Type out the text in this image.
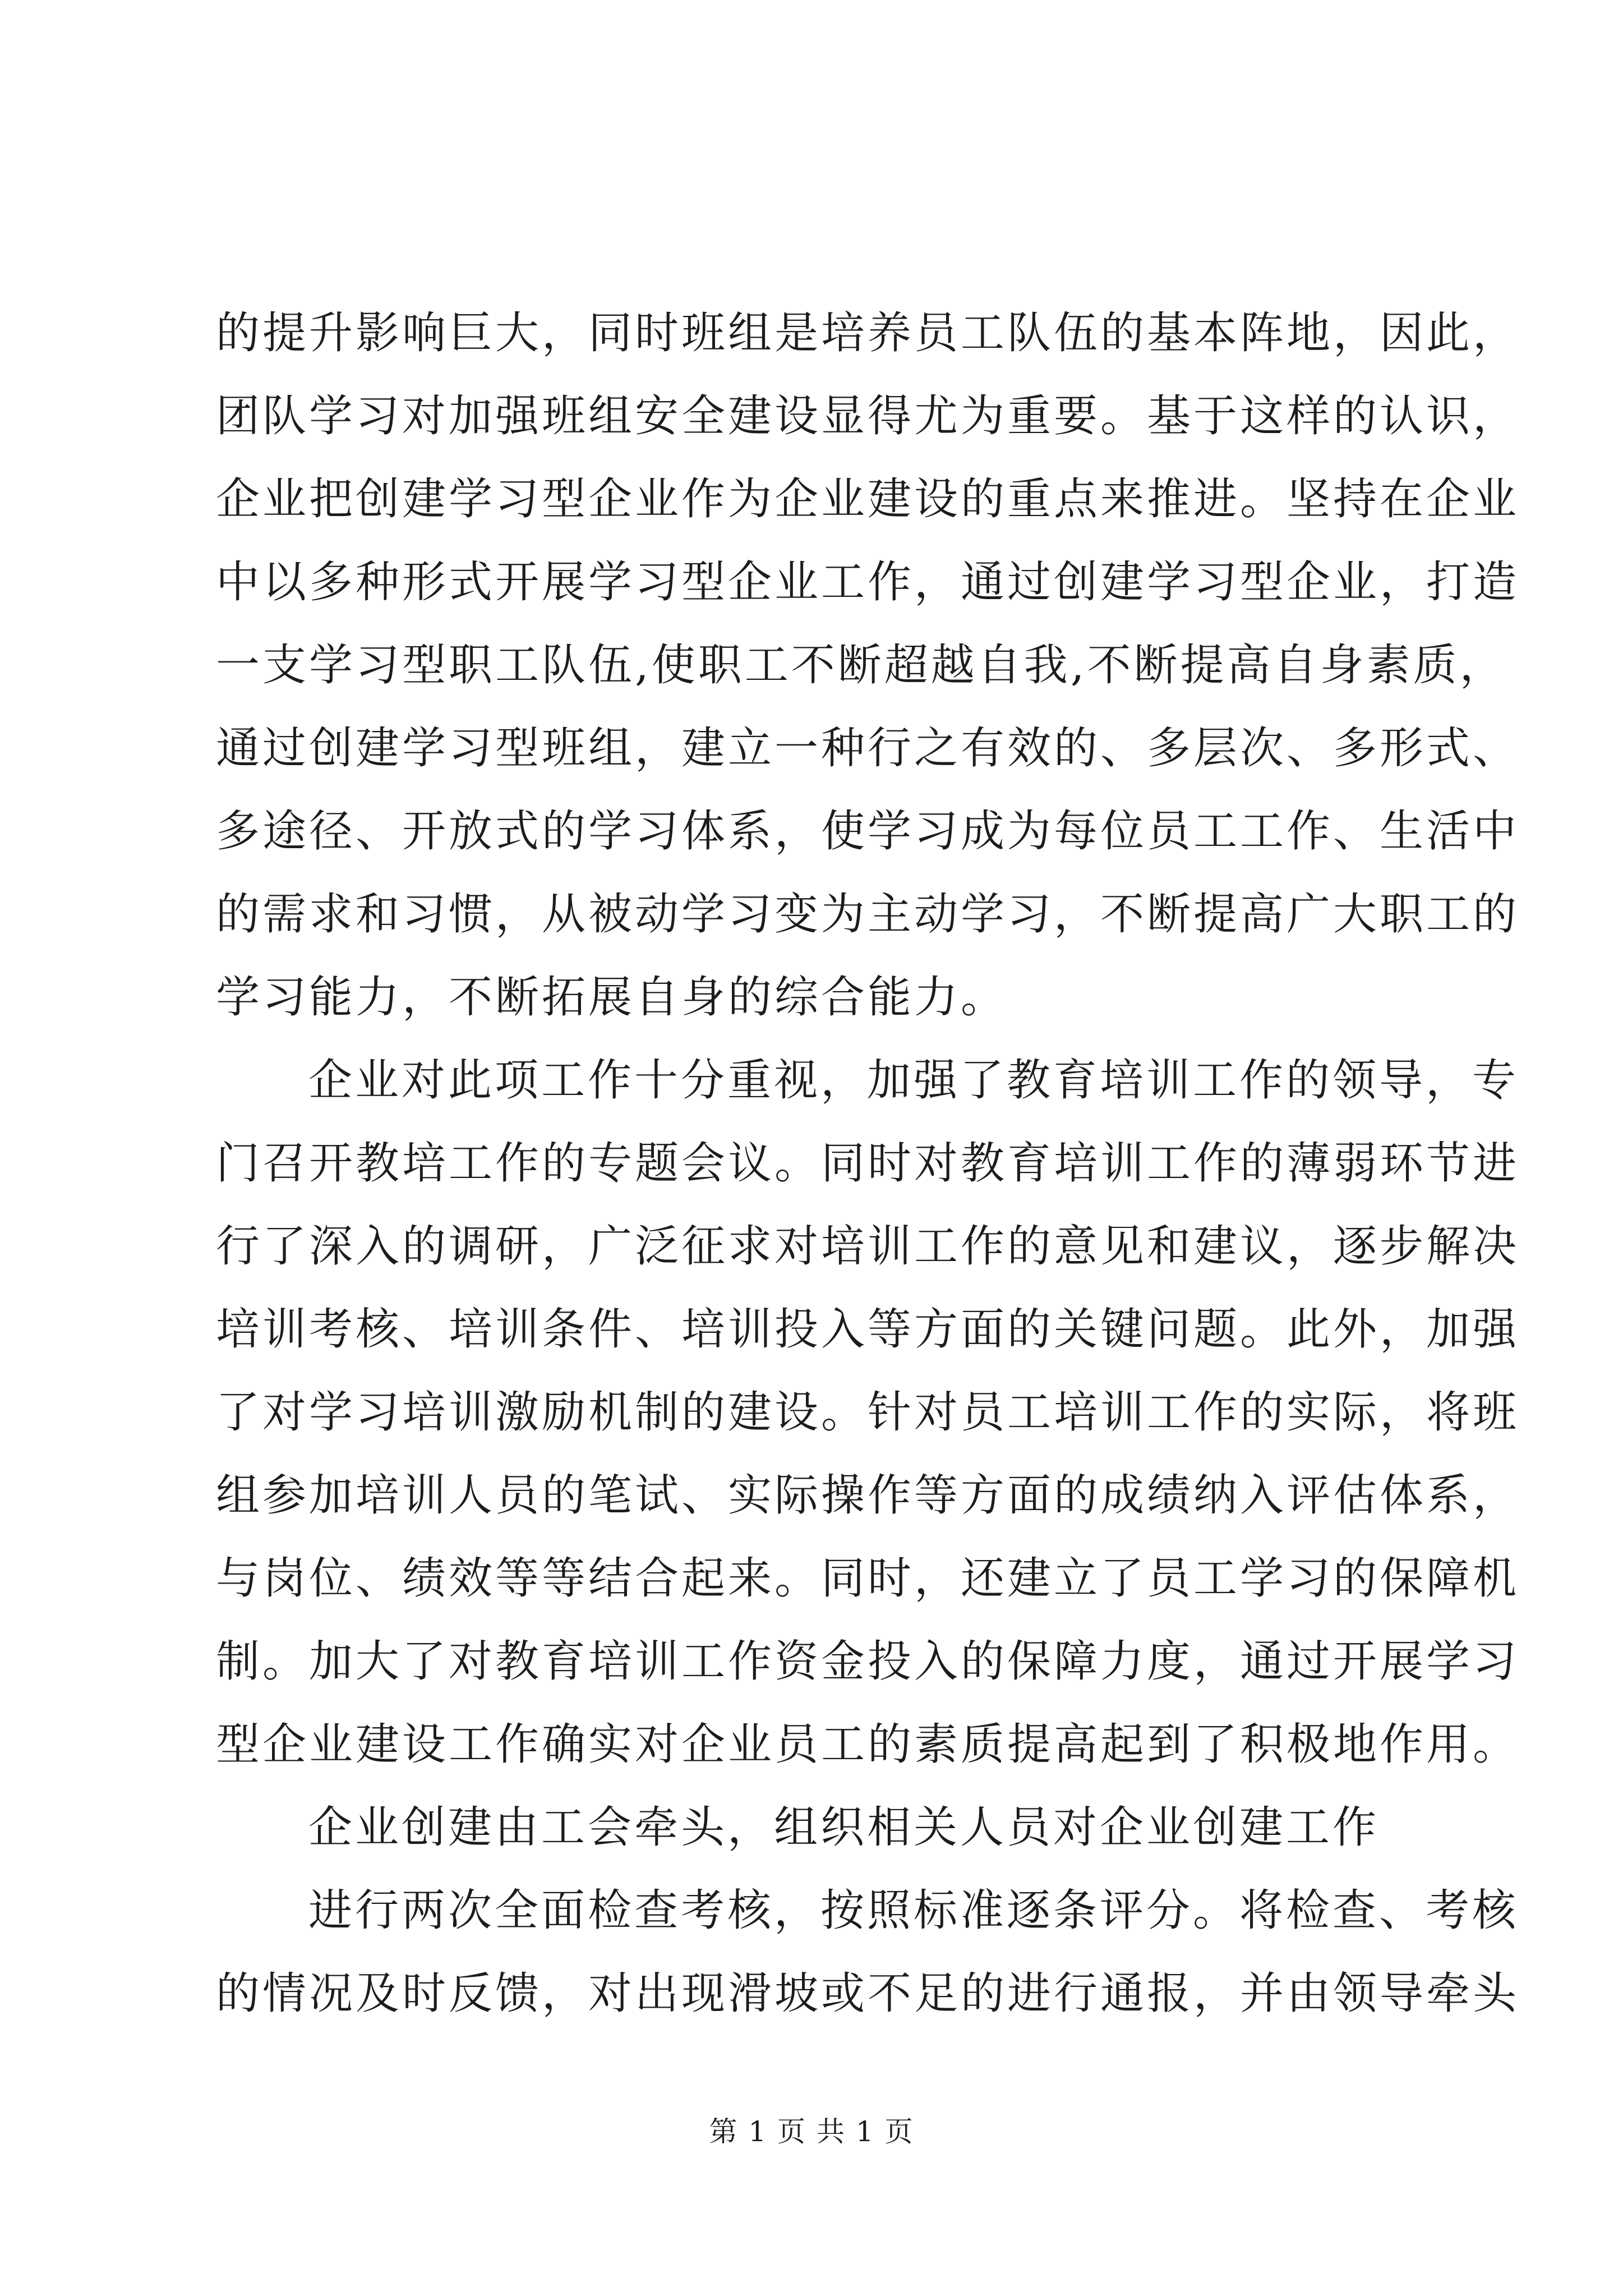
的提升影响巨大，同时班组是培养员工队伍的基本阵地，因此，
团队学习对加强班组安全建设显得尤为重要。基于这样的认识，
企业把创建学习型企业作为企业建设的重点来推进。坚持在企业
中以多种形式开展学习型企业工作，通过创建学习型企业，打造
一支学习型职工队伍,使职工不断超越自我,不断提高自身素质，
通过创建学习型班组，建立一种行之有效的、多层次、多形式、
多途径、开放式的学习体系，使学习成为每位员工工作、生活中
的需求和习惯，从被动学习变为主动学习，不断提高广大职工的
学习能力，不断拓展自身的综合能力。
企业对此项工作十分重视，加强了教育培训工作的领导，专
门召开教培工作的专题会议。同时对教育培训工作的薄弱环节进
行了深入的调研，广泛征求对培训工作的意见和建议，逐步解决
培训考核、培训条件、培训投入等方面的关键问题。此外，加强
了对学习培训激励机制的建设。针对员工培训工作的实际，将班
组参加培训人员的笔试、实际操作等方面的成绩纳入评估体系，
与岗位、绩效等等结合起来。同时，还建立了员工学习的保障机
制。加大了对教育培训工作资金投入的保障力度，通过开展学习
型企业建设工作确实对企业员工的素质提高起到了积极地作用。
企业创建由工会牵头，组织相关人员对企业创建工作
进行两次全面检查考核，按照标准逐条评分。将检查、考核
的情况及时反馈，对出现滑坡或不足的进行通报，并由领导牵头
第 1 页 共 1 页
